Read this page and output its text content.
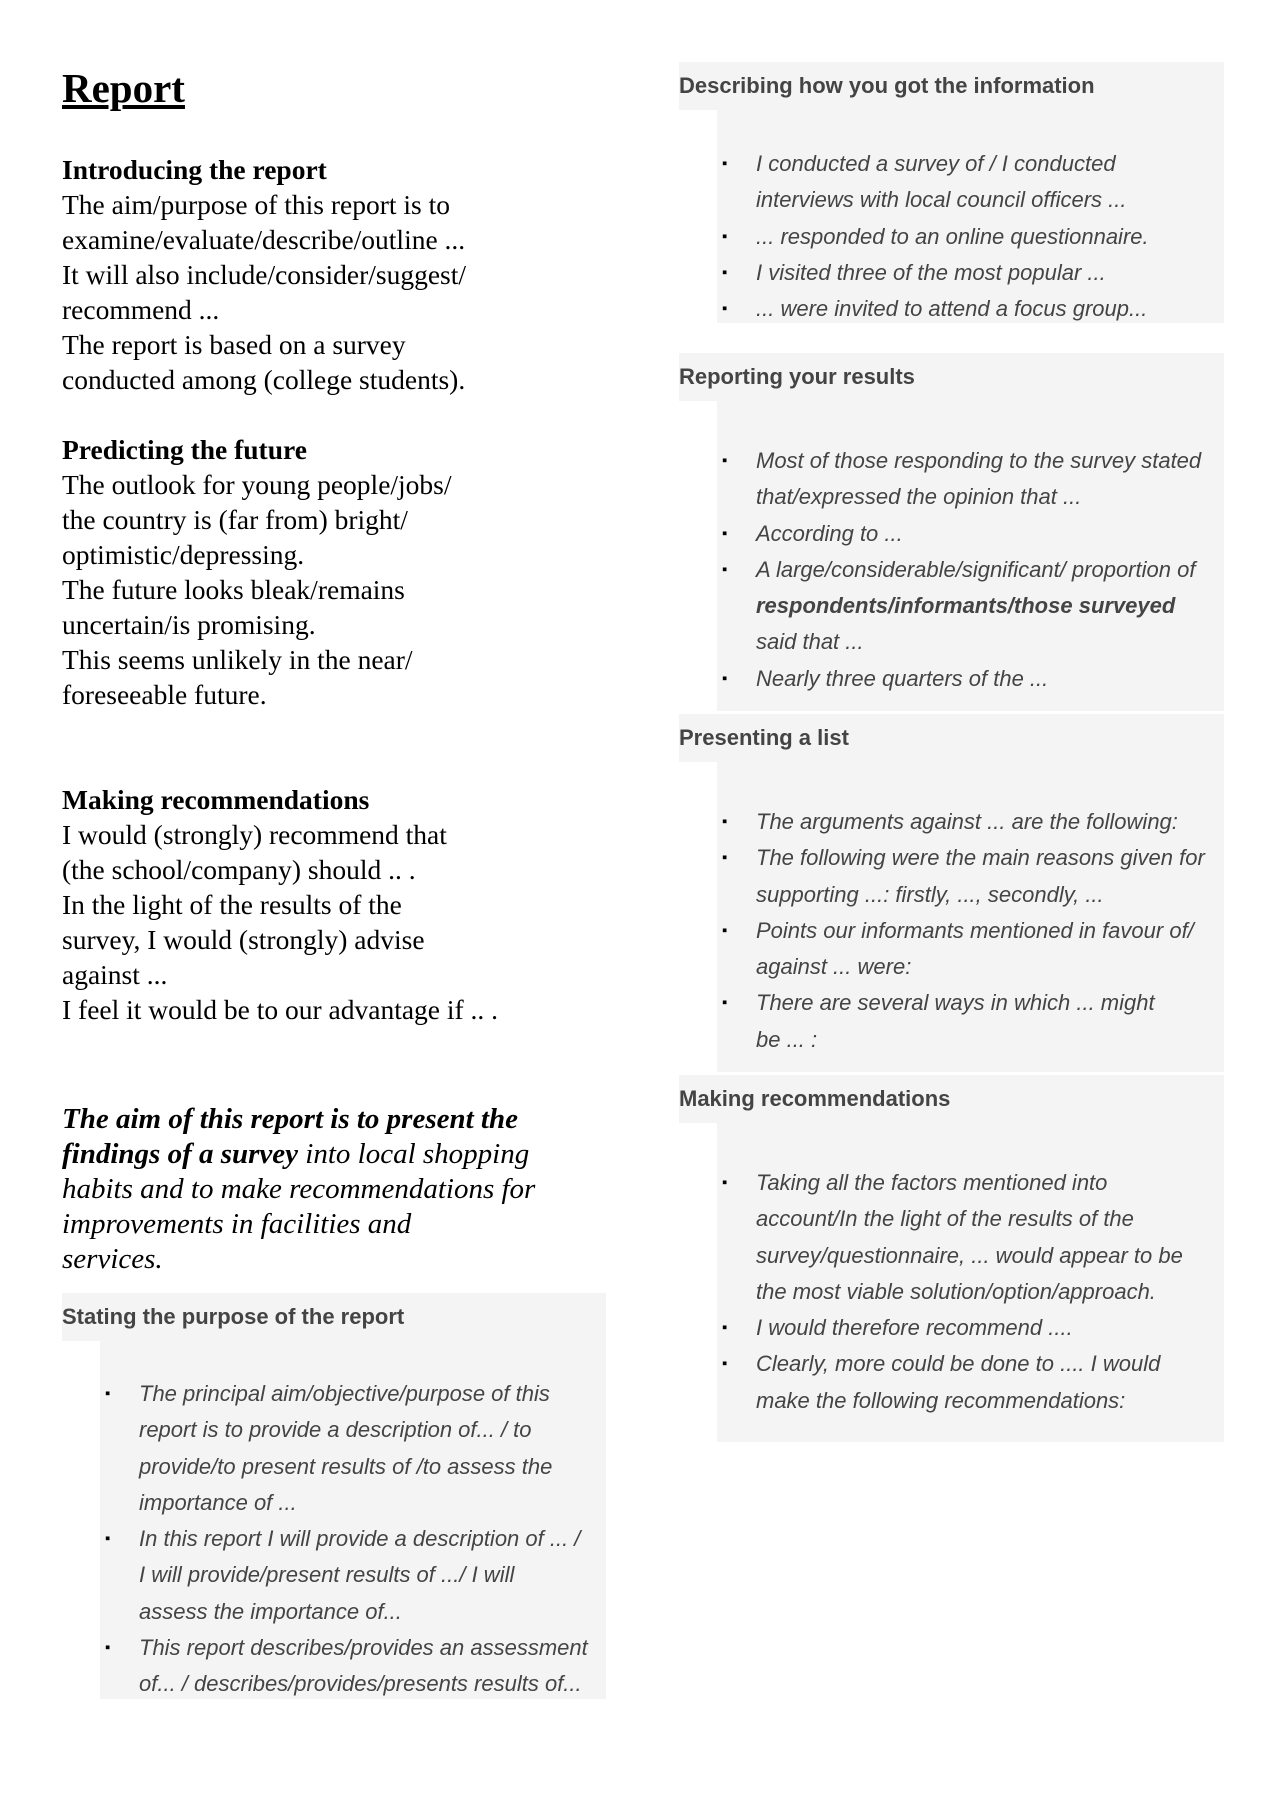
Report
Introducing the report
The aim/purpose of this report is to
examine/evaluate/describe/outline ...
It will also include/consider/suggest/
recommend ...
The report is based on a survey
conducted among (college students).
Predicting the future
The outlook for young people/jobs/
the country is (far from) bright/
optimistic/depressing.
The future looks bleak/remains
uncertain/is promising.
This seems unlikely in the near/
foreseeable future.
Making recommendations
I would (strongly) recommend that
(the school/company) should .. .
In the light of the results of the
survey, I would (strongly) advise
against ...
I feel it would be to our advantage if .. .
The aim of this report is to present the
findings of a survey into local shopping
habits and to make recommendations for
improvements in facilities and
services.
Stating the purpose of the report
▪ The principal aim/objective/purpose of this
report is to provide a description of... / to
provide/to present results of /to assess the
importance of ...
▪ In this report I will provide a description of ... /
I will provide/present results of .../ I will
assess the importance of...
▪ This report describes/provides an assessment
of... / describes/provides/presents results of...
Describing how you got the information
▪ I conducted a survey of / I conducted
interviews with local council officers ...
▪ ... responded to an online questionnaire.
▪ I visited three of the most popular ...
▪ ... were invited to attend a focus group...
Reporting your results
▪ Most of those responding to the survey stated
that/expressed the opinion that ...
▪ According to ...
▪ A large/considerable/significant/ proportion of
respondents/informants/those surveyed
said that ...
▪ Nearly three quarters of the ...
Presenting a list
▪ The arguments against ... are the following:
▪ The following were the main reasons given for
supporting ...: firstly, ..., secondly, ...
▪ Points our informants mentioned in favour of/
against ... were:
▪ There are several ways in which ... might
be ... :
Making recommendations
▪ Taking all the factors mentioned into
account/In the light of the results of the
survey/questionnaire, ... would appear to be
the most viable solution/option/approach.
▪ I would therefore recommend ....
▪ Clearly, more could be done to .... I would
make the following recommendations:
